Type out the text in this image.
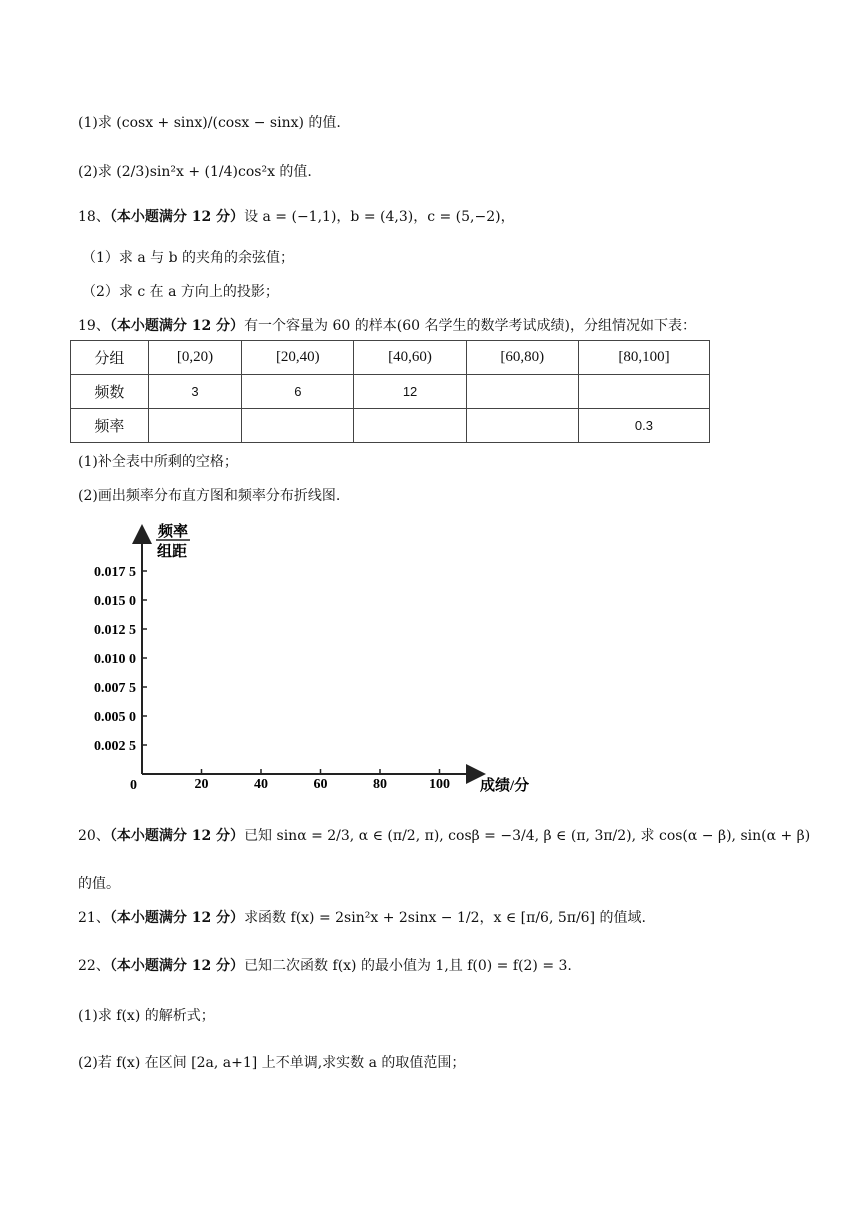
(1)求 (cosx + sinx)/(cosx − sinx) 的值.
(2)求 (2/3)sin²x + (1/4)cos²x 的值.
18、（本小题满分 12 分）设 a = (−1,1)，b = (4,3)，c = (5,−2)，
（1）求 a 与 b 的夹角的余弦值；
（2）求 c 在 a 方向上的投影；
19、（本小题满分 12 分）有一个容量为 60 的样本(60 名学生的数学考试成绩)，分组情况如下表：
分组	[0,20)	[20,40)	[40,60)	[60,80)	[80,100]
频数	3	6	12		
频率					0.3
(1)补全表中所剩的空格；
(2)画出频率分布直方图和频率分布折线图.
频率
组距
0.017 5
0.015 0
0.012 5
0.010 0
0.007 5
0.005 0
0.002 5
20	40	60	80	100
0	成绩/分
20、（本小题满分 12 分）已知 sinα = 2/3, α ∈ (π/2, π), cosβ = −3/4, β ∈ (π, 3π/2), 求 cos(α − β), sin(α + β)
的值。
21、（本小题满分 12 分）求函数 f(x) = 2sin²x + 2sinx − 1/2，x ∈ [π/6, 5π/6] 的值域.
22、（本小题满分 12 分）已知二次函数 f(x) 的最小值为 1,且 f(0) = f(2) = 3.
(1)求 f(x) 的解析式；
(2)若 f(x) 在区间 [2a, a+1] 上不单调,求实数 a 的取值范围；
